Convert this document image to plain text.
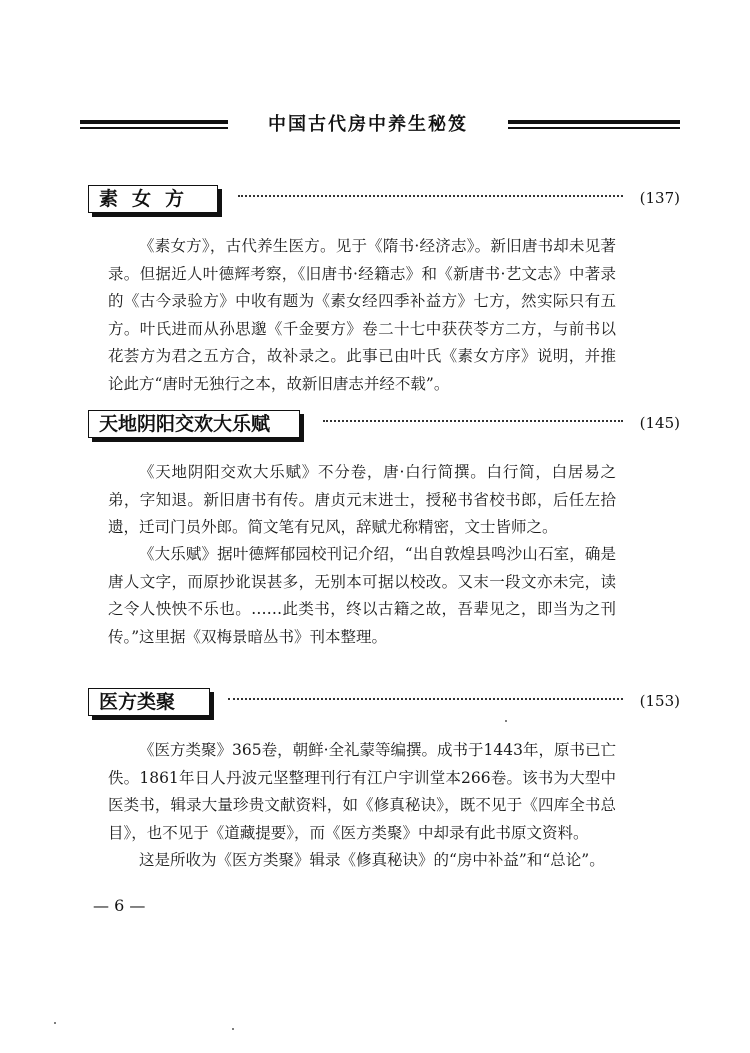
中国古代房中养生秘笈
素女方	(137)

《素女方》，古代养生医方。见于《隋书·经济志》。新旧唐书却未见著录。但据近人叶德辉考察，《旧唐书·经籍志》和《新唐书·艺文志》中著录的《古今录验方》中收有题为《素女经四季补益方》七方，然实际只有五方。叶氏进而从孙思邈《千金要方》卷二十七中获茯苓方二方，与前书以花荟方为君之五方合，故补录之。此事已由叶氏《素女方序》说明，并推论此方“唐时无独行之本，故新旧唐志并经不载”。

天地阴阳交欢大乐赋	(145)

《天地阴阳交欢大乐赋》不分卷，唐·白行简撰。白行简，白居易之弟，字知退。新旧唐书有传。唐贞元末进士，授秘书省校书郎，后任左拾遗，迁司门员外郎。简文笔有兄风，辞赋尤称精密，文士皆师之。

《大乐赋》据叶德辉郁园校刊记介绍，“出自敦煌县鸣沙山石室，确是唐人文字，而原抄讹误甚多，无别本可据以校改。又末一段文亦未完，读之令人怏怏不乐也。……此类书，终以古籍之故，吾辈见之，即当为之刊传。” 这里据《双梅景暗丛书》刊本整理。

医方类聚	(153)

《医方类聚》365卷，朝鲜·全礼蒙等编撰。成书于1443年，原书已亡佚。1861年日人丹波元坚整理刊行有江户宇训堂本266卷。该书为大型中医类书，辑录大量珍贵文献资料，如《修真秘诀》，既不见于《四库全书总目》，也不见于《道藏提要》，而《医方类聚》中却录有此书原文资料。

这是所收为《医方类聚》辑录《修真秘诀》的“房中补益”和“总论”。

— 6 —
